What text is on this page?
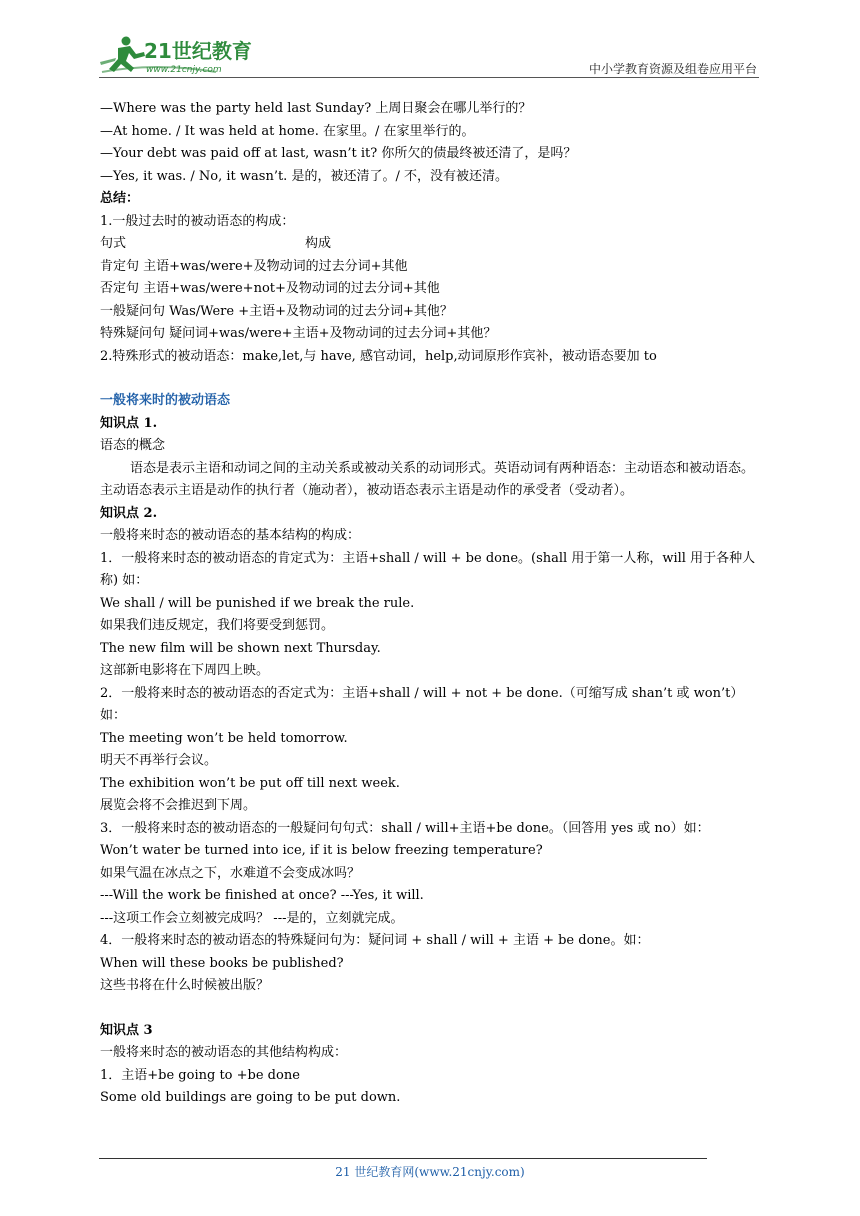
21世纪教育
www.21cnjy.com	中小学教育资源及组卷应用平台
—Where was the party held last Sunday? 上周日聚会在哪儿举行的？
—At home. / It was held at home. 在家里。/ 在家里举行的。
—Your debt was paid off at last, wasn’t it? 你所欠的债最终被还清了，是吗？
—Yes, it was. / No, it wasn’t. 是的，被还清了。/ 不，没有被还清。
总结：
1.一般过去时的被动语态的构成：
句式	构成
肯定句 主语+was/were+及物动词的过去分词+其他
否定句 主语+was/were+not+及物动词的过去分词+其他
一般疑问句 Was/Were +主语+及物动词的过去分词+其他？
特殊疑问句 疑问词+was/were+主语+及物动词的过去分词+其他？
2.特殊形式的被动语态：make,let,与 have, 感官动词，help,动词原形作宾补，被动语态要加 to
一般将来时的被动语态
知识点 1.
语态的概念
语态是表示主语和动词之间的主动关系或被动关系的动词形式。英语动词有两种语态：主动语态和被动语态。主动语态表示主语是动作的执行者（施动者），被动语态表示主语是动作的承受者（受动者）。
知识点 2.
一般将来时态的被动语态的基本结构的构成：
1．一般将来时态的被动语态的肯定式为：主语+shall / will + be done。(shall 用于第一人称，will 用于各种人称) 如：
We shall / will be punished if we break the rule.
如果我们违反规定，我们将要受到惩罚。
The new film will be shown next Thursday.
这部新电影将在下周四上映。
2．一般将来时态的被动语态的否定式为：主语+shall / will + not + be done.（可缩写成 shan’t 或 won’t）如：
The meeting won’t be held tomorrow.
明天不再举行会议。
The exhibition won’t be put off till next week.
展览会将不会推迟到下周。
3．一般将来时态的被动语态的一般疑问句句式：shall / will+主语+be done。（回答用 yes 或 no）如：
Won’t water be turned into ice, if it is below freezing temperature?
如果气温在冰点之下，水难道不会变成冰吗？
---Will the work be finished at once? ---Yes, it will.
---这项工作会立刻被完成吗？ ---是的，立刻就完成。
4．一般将来时态的被动语态的特殊疑问句为：疑问词 + shall / will + 主语 + be done。如：
When will these books be published?
这些书将在什么时候被出版？
知识点 3
一般将来时态的被动语态的其他结构构成：
1．主语+be going to +be done
Some old buildings are going to be put down.
21 世纪教育网(www.21cnjy.com)
